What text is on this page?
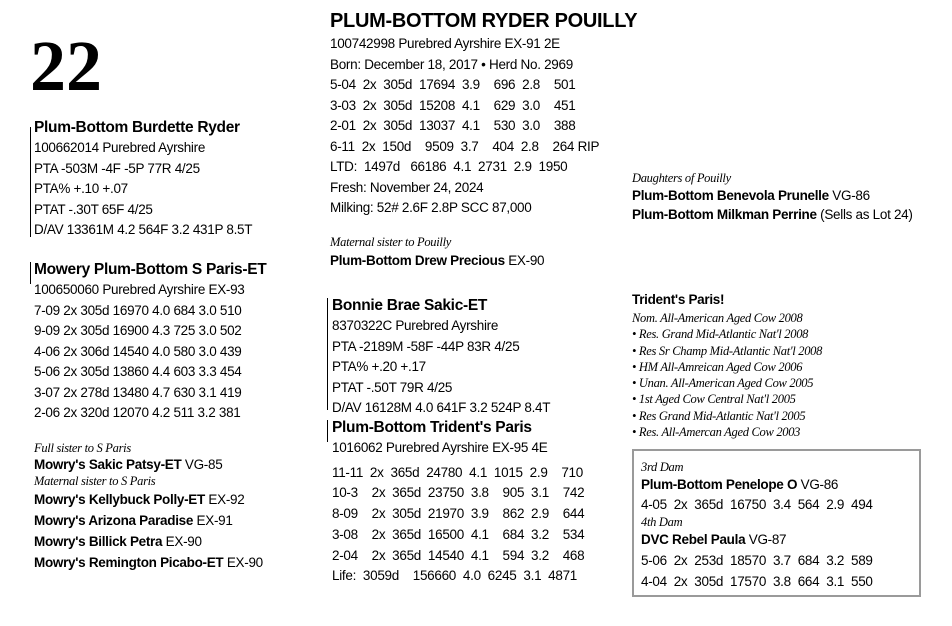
22
Plum-Bottom Burdette Ryder
100662014 Purebred Ayrshire
PTA -503M -4F -5P 77R 4/25
PTA% +.10 +.07
PTAT -.30T 65F 4/25
D/AV 13361M 4.2 564F 3.2 431P 8.5T
Mowery Plum-Bottom S Paris-ET
100650060 Purebred Ayrshire EX-93
7-09 2x 305d 16970 4.0 684 3.0 510
9-09 2x 305d 16900 4.3 725 3.0 502
4-06 2x 306d 14540 4.0 580 3.0 439
5-06 2x 305d 13860 4.4 603 3.3 454
3-07 2x 278d 13480 4.7 630 3.1 419
2-06 2x 320d 12070 4.2 511 3.2 381
Full sister to S Paris
Mowry's Sakic Patsy-ET VG-85
Maternal sister to S Paris
Mowry's Kellybuck Polly-ET EX-92
Mowry's Arizona Paradise EX-91
Mowry's Billick Petra EX-90
Mowry's Remington Picabo-ET EX-90
PLUM-BOTTOM RYDER POUILLY
100742998 Purebred Ayrshire EX-91 2E
Born: December 18, 2017 • Herd No. 2969
5-04  2x  305d  17694  3.9    696  2.8    501
3-03  2x  305d  15208  4.1    629  3.0    451
2-01  2x  305d  13037  4.1    530  3.0    388
6-11  2x  150d    9509  3.7    404  2.8    264 RIP
LTD:  1497d   66186  4.1  2731  2.9  1950
Fresh: November 24, 2024
Milking: 52# 2.6F 2.8P SCC 87,000
Maternal sister to Pouilly
Plum-Bottom Drew Precious EX-90
Bonnie Brae Sakic-ET
8370322C Purebred Ayrshire
PTA -2189M -58F -44P 83R 4/25
PTA% +.20 +.17
PTAT -.50T 79R 4/25
D/AV 16128M 4.0 641F 3.2 524P 8.4T
Plum-Bottom Trident's Paris
1016062 Purebred Ayrshire EX-95 4E
11-11  2x  365d  24780  4.1  1015  2.9    710
10-3    2x  365d  23750  3.8    905  3.1    742
8-09    2x  305d  21970  3.9    862  2.9    644
3-08    2x  365d  16500  4.1    684  3.2    534
2-04    2x  365d  14540  4.1    594  3.2    468
Life:  3059d    156660  4.0  6245  3.1  4871
Daughters of Pouilly
Plum-Bottom Benevola Prunelle VG-86
Plum-Bottom Milkman Perrine (Sells as Lot 24)
Trident's Paris!
Nom. All-American Aged Cow 2008
• Res. Grand Mid-Atlantic Nat'l 2008
• Res Sr Champ Mid-Atlantic Nat'l 2008
• HM All-Amreican Aged Cow 2006
• Unan. All-American Aged Cow 2005
• 1st Aged Cow Central Nat'l 2005
• Res Grand Mid-Atlantic Nat'l 2005
• Res. All-Amercan Aged Cow 2003
3rd Dam
Plum-Bottom Penelope O VG-86
4-05  2x  365d  16750  3.4  564  2.9  494
4th Dam
DVC Rebel Paula VG-87
5-06  2x  253d  18570  3.7  684  3.2  589
4-04  2x  305d  17570  3.8  664  3.1  550
